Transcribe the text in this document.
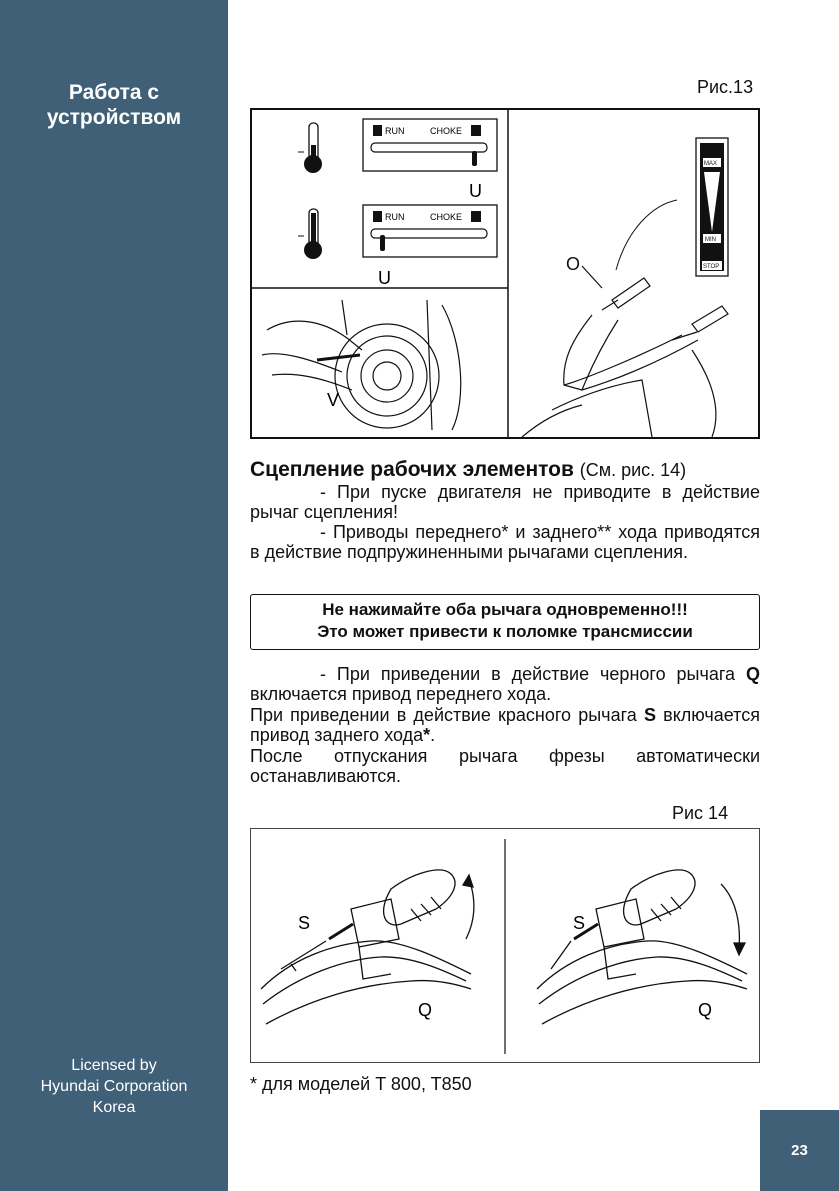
Работа с
устройством
Licensed by
Hyundai Corporation
Korea
Рис.13
RUN	CHOKE
U
RUN	CHOKE
U
V
MAX
MIN
STOP
O
Сцепление рабочих элементов (См. рис. 14)
- При пуске двигателя не приводите в действие рычаг сцепления!
- Приводы переднего* и заднего** хода приводятся в действие подпружиненными рычагами сцепления.
Не нажимайте оба рычага одновременно!!!
Это может привести к поломке трансмиссии
- При приведении в действие черного рычага Q включается привод переднего хода.
При приведении в действие красного рычага S включается привод заднего хода*.
После отпускания рычага фрезы автоматически останавливаются.
Рис 14
S
Q
S
Q
* для моделей T 800, T850
23
